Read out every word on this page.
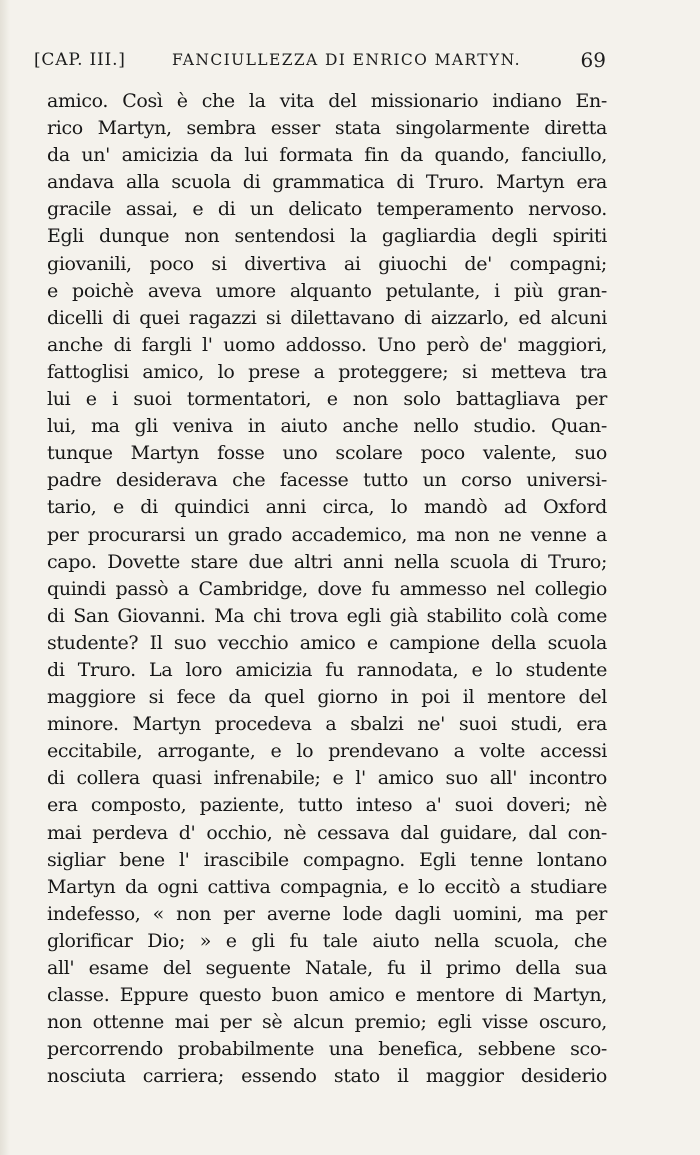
[CAP. III.]	FANCIULLEZZA DI ENRICO MARTYN.	69
amico. Così è che la vita del missionario indiano En-
rico Martyn, sembra esser stata singolarmente diretta
da un' amicizia da lui formata fin da quando, fanciullo,
andava alla scuola di grammatica di Truro. Martyn era
gracile assai, e di un delicato temperamento nervoso.
Egli dunque non sentendosi la gagliardia degli spiriti
giovanili, poco si divertiva ai giuochi de' compagni;
e poichè aveva umore alquanto petulante, i più gran-
dicelli di quei ragazzi si dilettavano di aizzarlo, ed alcuni
anche di fargli l' uomo addosso. Uno però de' maggiori,
fattoglisi amico, lo prese a proteggere; si metteva tra
lui e i suoi tormentatori, e non solo battagliava per
lui, ma gli veniva in aiuto anche nello studio. Quan-
tunque Martyn fosse uno scolare poco valente, suo
padre desiderava che facesse tutto un corso universi-
tario, e di quindici anni circa, lo mandò ad Oxford
per procurarsi un grado accademico, ma non ne venne a
capo. Dovette stare due altri anni nella scuola di Truro;
quindi passò a Cambridge, dove fu ammesso nel collegio
di San Giovanni. Ma chi trova egli già stabilito colà come
studente? Il suo vecchio amico e campione della scuola
di Truro. La loro amicizia fu rannodata, e lo studente
maggiore si fece da quel giorno in poi il mentore del
minore. Martyn procedeva a sbalzi ne' suoi studi, era
eccitabile, arrogante, e lo prendevano a volte accessi
di collera quasi infrenabile; e l' amico suo all' incontro
era composto, paziente, tutto inteso a' suoi doveri; nè
mai perdeva d' occhio, nè cessava dal guidare, dal con-
sigliar bene l' irascibile compagno. Egli tenne lontano
Martyn da ogni cattiva compagnia, e lo eccitò a studiare
indefesso, « non per averne lode dagli uomini, ma per
glorificar Dio; » e gli fu tale aiuto nella scuola, che
all' esame del seguente Natale, fu il primo della sua
classe. Eppure questo buon amico e mentore di Martyn,
non ottenne mai per sè alcun premio; egli visse oscuro,
percorrendo probabilmente una benefica, sebbene sco-
nosciuta carriera; essendo stato il maggior desiderio
